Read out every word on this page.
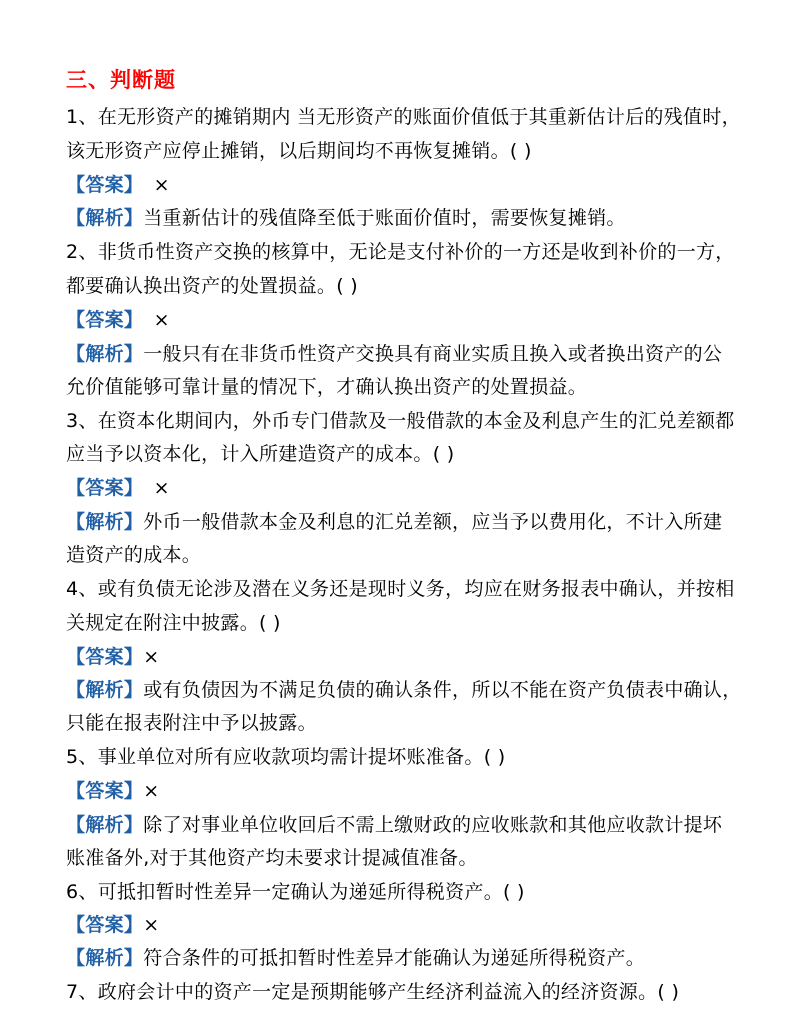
三、判断题
1、在无形资产的摊销期内 当无形资产的账面价值低于其重新估计后的残值时，
该无形资产应停止摊销，以后期间均不再恢复摊销。( )
【答案】 ×
【解析】当重新估计的残值降至低于账面价值时，需要恢复摊销。
2、非货币性资产交换的核算中，无论是支付补价的一方还是收到补价的一方，
都要确认换出资产的处置损益。( )
【答案】 ×
【解析】一般只有在非货币性资产交换具有商业实质且换入或者换出资产的公
允价值能够可靠计量的情况下，才确认换出资产的处置损益。
3、在资本化期间内，外币专门借款及一般借款的本金及利息产生的汇兑差额都
应当予以资本化，计入所建造资产的成本。( )
【答案】 ×
【解析】外币一般借款本金及利息的汇兑差额，应当予以费用化，不计入所建
造资产的成本。
4、或有负债无论涉及潜在义务还是现时义务，均应在财务报表中确认，并按相
关规定在附注中披露。( )
【答案】×
【解析】或有负债因为不满足负债的确认条件，所以不能在资产负债表中确认，
只能在报表附注中予以披露。
5、事业单位对所有应收款项均需计提坏账准备。( )
【答案】×
【解析】除了对事业单位收回后不需上缴财政的应收账款和其他应收款计提坏
账准备外,对于其他资产均未要求计提减值准备。
6、可抵扣暂时性差异一定确认为递延所得税资产。( )
【答案】×
【解析】符合条件的可抵扣暂时性差异才能确认为递延所得税资产。
7、政府会计中的资产一定是预期能够产生经济利益流入的经济资源。( )
